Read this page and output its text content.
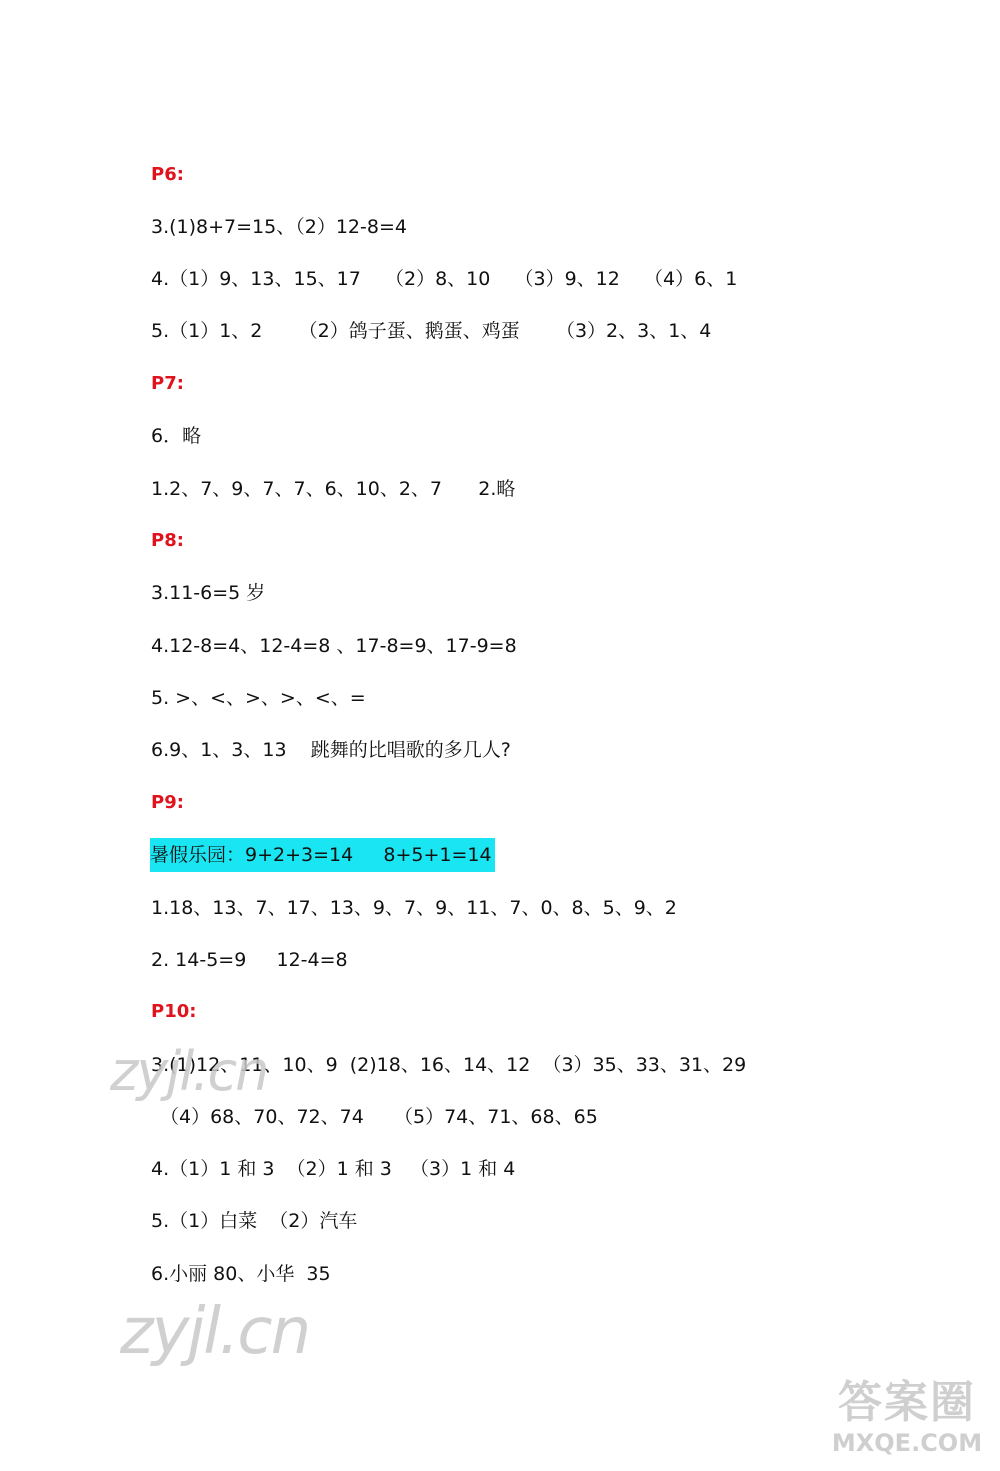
P6:
3.(1)8+7=15、（2）12-8=4
4.（1）9、13、15、17    （2）8、10    （3）9、12    （4）6、1
5.（1）1、2      （2）鸽子蛋、鹅蛋、鸡蛋      （3）2、3、1、4
P7:
6．略
1.2、7、9、7、7、6、10、2、7      2.略
P8:
3.11-6=5 岁
4.12-8=4、12-4=8 、17-8=9、17-9=8
5. >、<、>、>、<、=
6.9、1、3、13    跳舞的比唱歌的多几人?
P9:
暑假乐园：9+2+3=14     8+5+1=14
1.18、13、7、17、13、9、7、9、11、7、0、8、5、9、2
2. 14-5=9     12-4=8
P10:
3.(1)12、11、10、9  (2)18、16、14、12  （3）35、33、31、29
（4）68、70、72、74     （5）74、71、68、65
4.（1）1 和 3  （2）1 和 3   （3）1 和 4
5.（1）白菜  （2）汽车
6.小丽 80、小华  35
zyjl.cn
zyjl.cn
答案圈
MXQE.COM
